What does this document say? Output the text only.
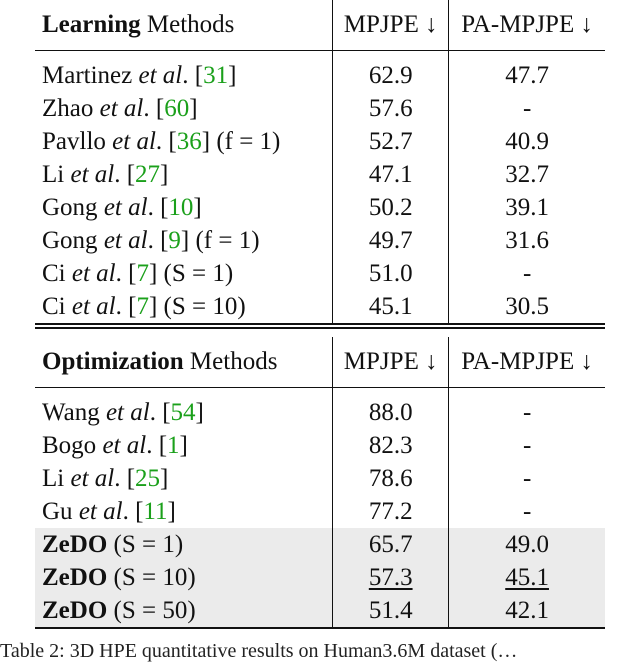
Learning Methods	MPJPE ↓	PA-MPJPE ↓

Martinez et al. [31]	62.9	47.7
Zhao et al. [60]	57.6	-
Pavllo et al. [36] (f = 1)	52.7	40.9
Li et al. [27]	47.1	32.7
Gong et al. [10]	50.2	39.1
Gong et al. [9] (f = 1)	49.7	31.6
Ci et al. [7] (S = 1)	51.0	-
Ci et al. [7] (S = 10)	45.1	30.5

Optimization Methods	MPJPE ↓	PA-MPJPE ↓

Wang et al. [54]	88.0	-
Bogo et al. [1]	82.3	-
Li et al. [25]	78.6	-
Gu et al. [11]	77.2	-
ZeDO (S = 1)	65.7	49.0
ZeDO (S = 10)	57.3	45.1
ZeDO (S = 50)	51.4	42.1
Table 2: 3D HPE quantitative results on Human3.6M dataset (…
